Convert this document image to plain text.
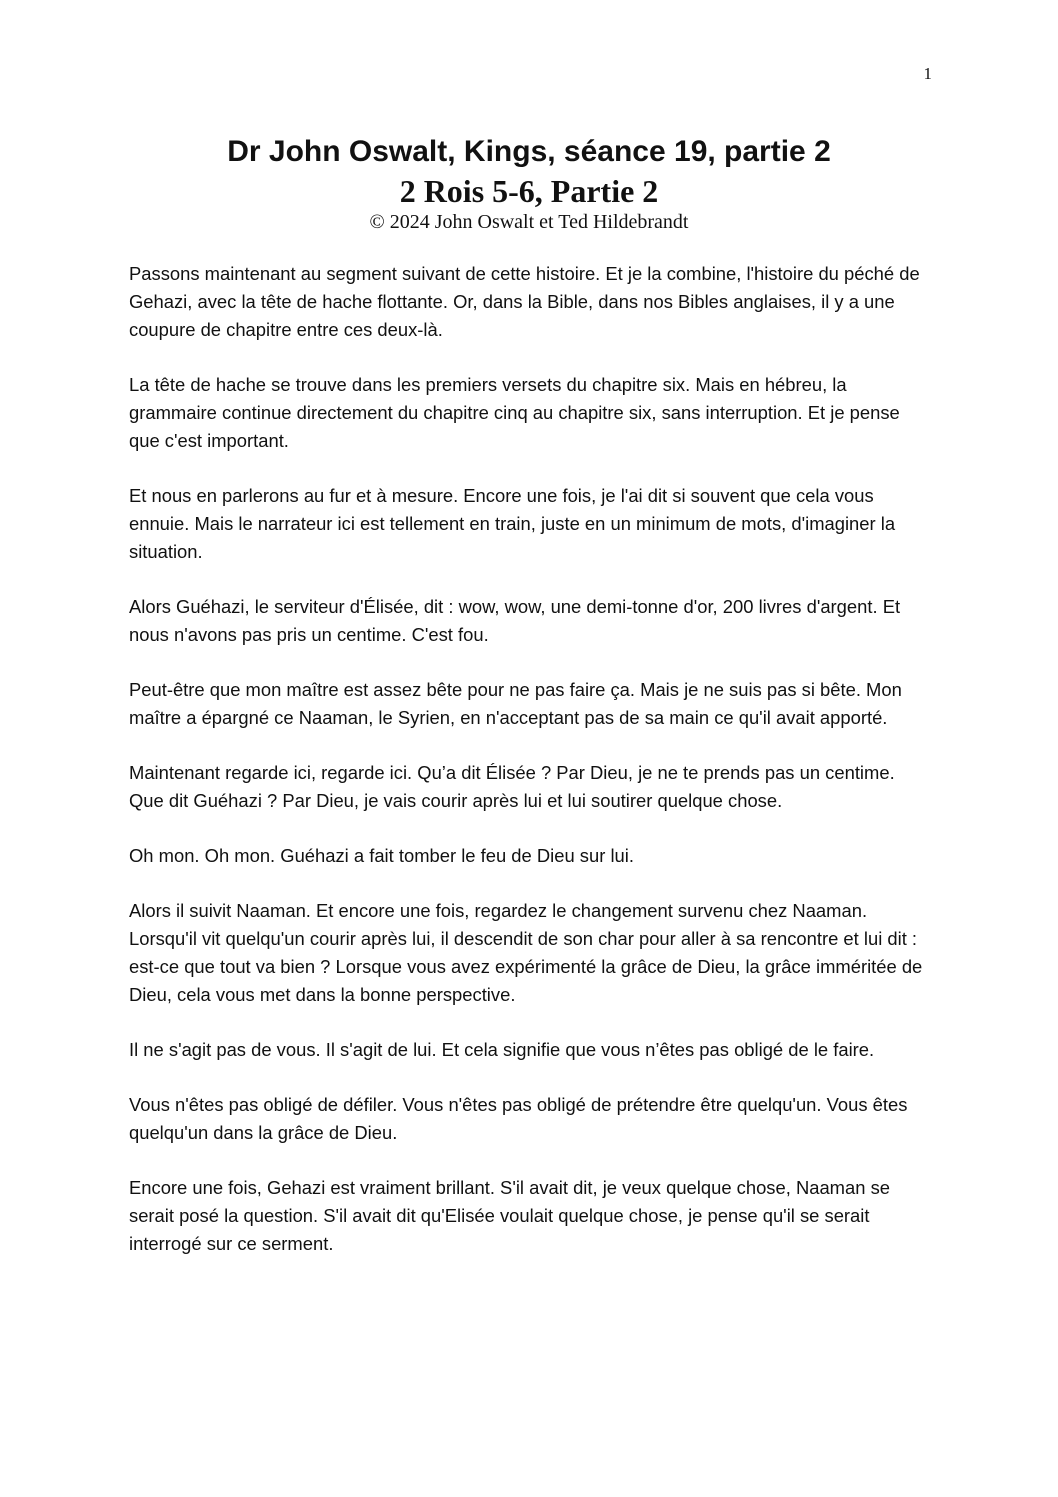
1
Dr John Oswalt, Kings, séance 19, partie 2
2 Rois 5-6, Partie 2

© 2024 John Oswalt et Ted Hildebrandt

Passons maintenant au segment suivant de cette histoire. Et je la combine, l'histoire du péché de Gehazi, avec la tête de hache flottante. Or, dans la Bible, dans nos Bibles anglaises, il y a une coupure de chapitre entre ces deux-là.

La tête de hache se trouve dans les premiers versets du chapitre six. Mais en hébreu, la grammaire continue directement du chapitre cinq au chapitre six, sans interruption. Et je pense que c'est important.

Et nous en parlerons au fur et à mesure. Encore une fois, je l'ai dit si souvent que cela vous ennuie. Mais le narrateur ici est tellement en train, juste en un minimum de mots, d'imaginer la situation.

Alors Guéhazi, le serviteur d'Élisée, dit : wow, wow, une demi-tonne d'or, 200 livres d'argent. Et nous n'avons pas pris un centime. C'est fou.

Peut-être que mon maître est assez bête pour ne pas faire ça. Mais je ne suis pas si bête. Mon maître a épargné ce Naaman, le Syrien, en n'acceptant pas de sa main ce qu'il avait apporté.

Maintenant regarde ici, regarde ici. Qu’a dit Élisée ? Par Dieu, je ne te prends pas un centime. Que dit Guéhazi ? Par Dieu, je vais courir après lui et lui soutirer quelque chose.

Oh mon. Oh mon. Guéhazi a fait tomber le feu de Dieu sur lui.

Alors il suivit Naaman. Et encore une fois, regardez le changement survenu chez Naaman. Lorsqu'il vit quelqu'un courir après lui, il descendit de son char pour aller à sa rencontre et lui dit : est-ce que tout va bien ? Lorsque vous avez expérimenté la grâce de Dieu, la grâce imméritée de Dieu, cela vous met dans la bonne perspective.

Il ne s'agit pas de vous. Il s'agit de lui. Et cela signifie que vous n’êtes pas obligé de le faire.

Vous n'êtes pas obligé de défiler. Vous n'êtes pas obligé de prétendre être quelqu'un. Vous êtes quelqu'un dans la grâce de Dieu.

Encore une fois, Gehazi est vraiment brillant. S'il avait dit, je veux quelque chose, Naaman se serait posé la question. S'il avait dit qu'Elisée voulait quelque chose, je pense qu'il se serait interrogé sur ce serment.
